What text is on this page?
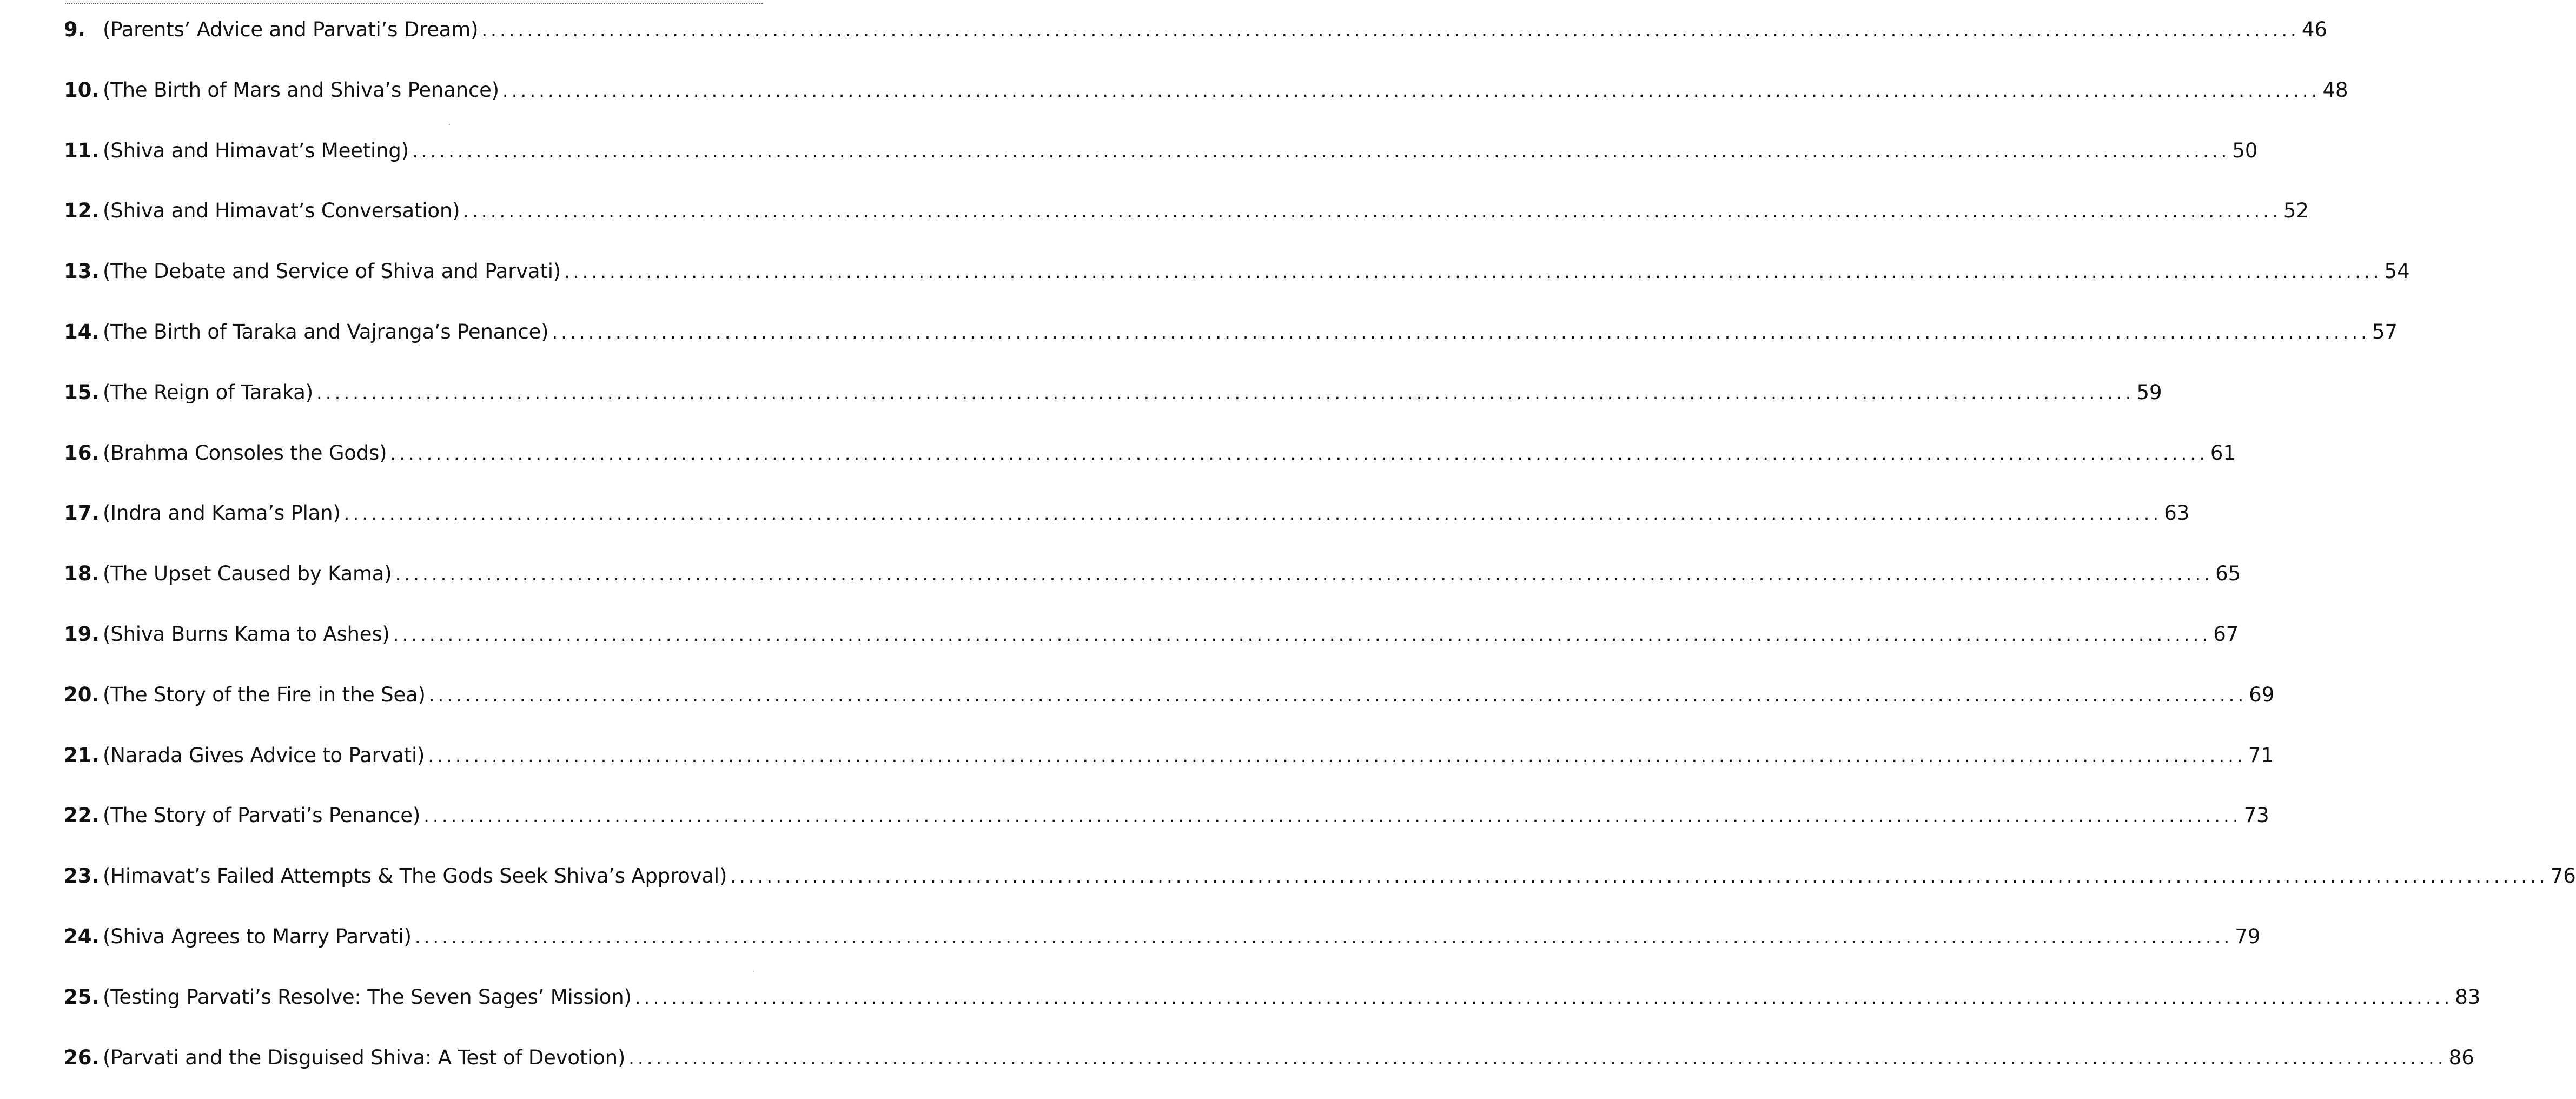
9. (Parents’ Advice and Parvati’s Dream) ........................................................................................................................................................................................................ 46
10. (The Birth of Mars and Shiva’s Penance) ........................................................................................................................................................................................................ 48
11. (Shiva and Himavat’s Meeting) ........................................................................................................................................................................................................ 50
12. (Shiva and Himavat’s Conversation) ........................................................................................................................................................................................................ 52
13. (The Debate and Service of Shiva and Parvati) ........................................................................................................................................................................................................ 54
14. (The Birth of Taraka and Vajranga’s Penance) ........................................................................................................................................................................................................ 57
15. (The Reign of Taraka) ........................................................................................................................................................................................................ 59
16. (Brahma Consoles the Gods) ........................................................................................................................................................................................................ 61
17. (Indra and Kama’s Plan) ........................................................................................................................................................................................................ 63
18. (The Upset Caused by Kama) ........................................................................................................................................................................................................ 65
19. (Shiva Burns Kama to Ashes) ........................................................................................................................................................................................................ 67
20. (The Story of the Fire in the Sea) ........................................................................................................................................................................................................ 69
21. (Narada Gives Advice to Parvati) ........................................................................................................................................................................................................ 71
22. (The Story of Parvati’s Penance) ........................................................................................................................................................................................................ 73
23. (Himavat’s Failed Attempts & The Gods Seek Shiva’s Approval) ........................................................................................................................................................................................................ 76
24. (Shiva Agrees to Marry Parvati) ........................................................................................................................................................................................................ 79
25. (Testing Parvati’s Resolve: The Seven Sages’ Mission) ........................................................................................................................................................................................................ 83
26. (Parvati and the Disguised Shiva: A Test of Devotion) ........................................................................................................................................................................................................ 86
